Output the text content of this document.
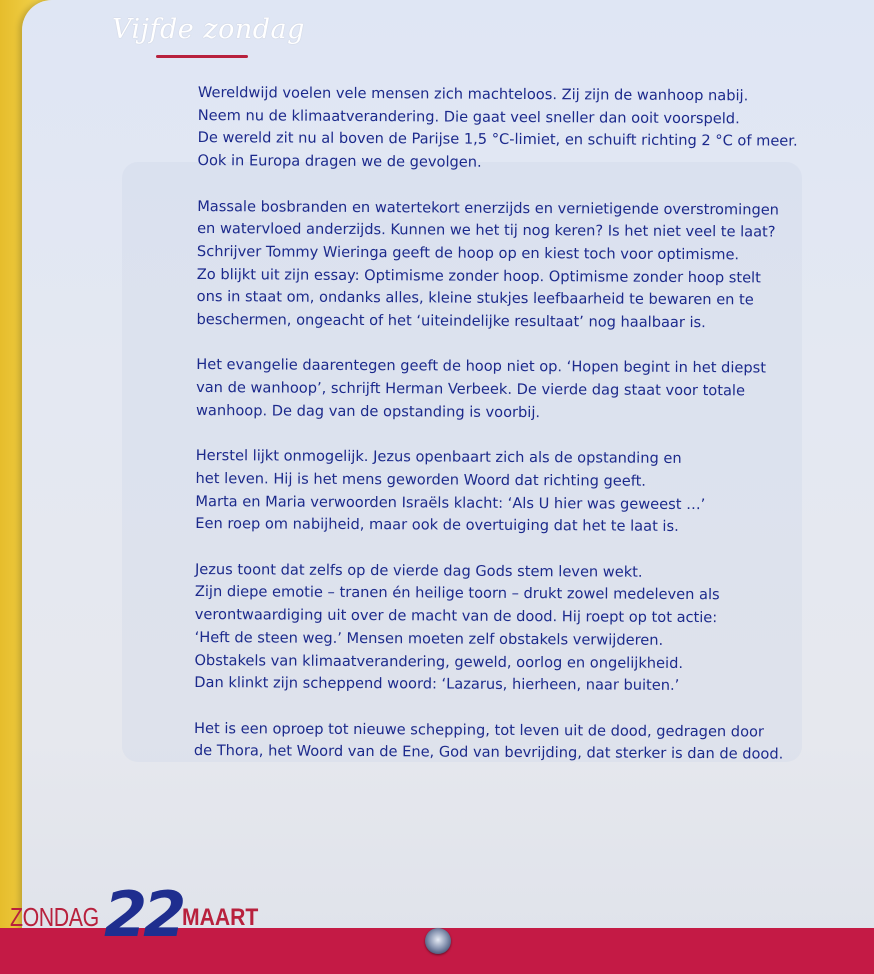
Vijfde zondag

Wereldwijd voelen vele mensen zich machteloos. Zij zijn de wanhoop nabij.

Neem nu de klimaatverandering. Die gaat veel sneller dan ooit voorspeld.

De wereld zit nu al boven de Parijse 1,5 °C-limiet, en schuift richting 2 °C of meer.

Ook in Europa dragen we de gevolgen.

Massale bosbranden en watertekort enerzijds en vernietigende overstromingen

en watervloed anderzijds. Kunnen we het tij nog keren? Is het niet veel te laat?

Schrijver Tommy Wieringa geeft de hoop op en kiest toch voor optimisme.

Zo blijkt uit zijn essay: Optimisme zonder hoop. Optimisme zonder hoop stelt

ons in staat om, ondanks alles, kleine stukjes leefbaarheid te bewaren en te

beschermen, ongeacht of het ‘uiteindelijke resultaat’ nog haalbaar is.

Het evangelie daarentegen geeft de hoop niet op. ‘Hopen begint in het diepst

van de wanhoop’, schrijft Herman Verbeek. De vierde dag staat voor totale

wanhoop. De dag van de opstanding is voorbij.

Herstel lijkt onmogelijk. Jezus openbaart zich als de opstanding en

het leven. Hij is het mens geworden Woord dat richting geeft.

Marta en Maria verwoorden Israëls klacht: ‘Als U hier was geweest …’

Een roep om nabijheid, maar ook de overtuiging dat het te laat is.

Jezus toont dat zelfs op de vierde dag Gods stem leven wekt.

Zijn diepe emotie – tranen én heilige toorn – drukt zowel medeleven als

verontwaardiging uit over de macht van de dood. Hij roept op tot actie:

‘Heft de steen weg.’ Mensen moeten zelf obstakels verwijderen.

Obstakels van klimaatverandering, geweld, oorlog en ongelijkheid.

Dan klinkt zijn scheppend woord: ‘Lazarus, hierheen, naar buiten.’

Het is een oproep tot nieuwe schepping, tot leven uit de dood, gedragen door

de Thora, het Woord van de Ene, God van bevrijding, dat sterker is dan de dood.

ZONDAG 22 MAART
